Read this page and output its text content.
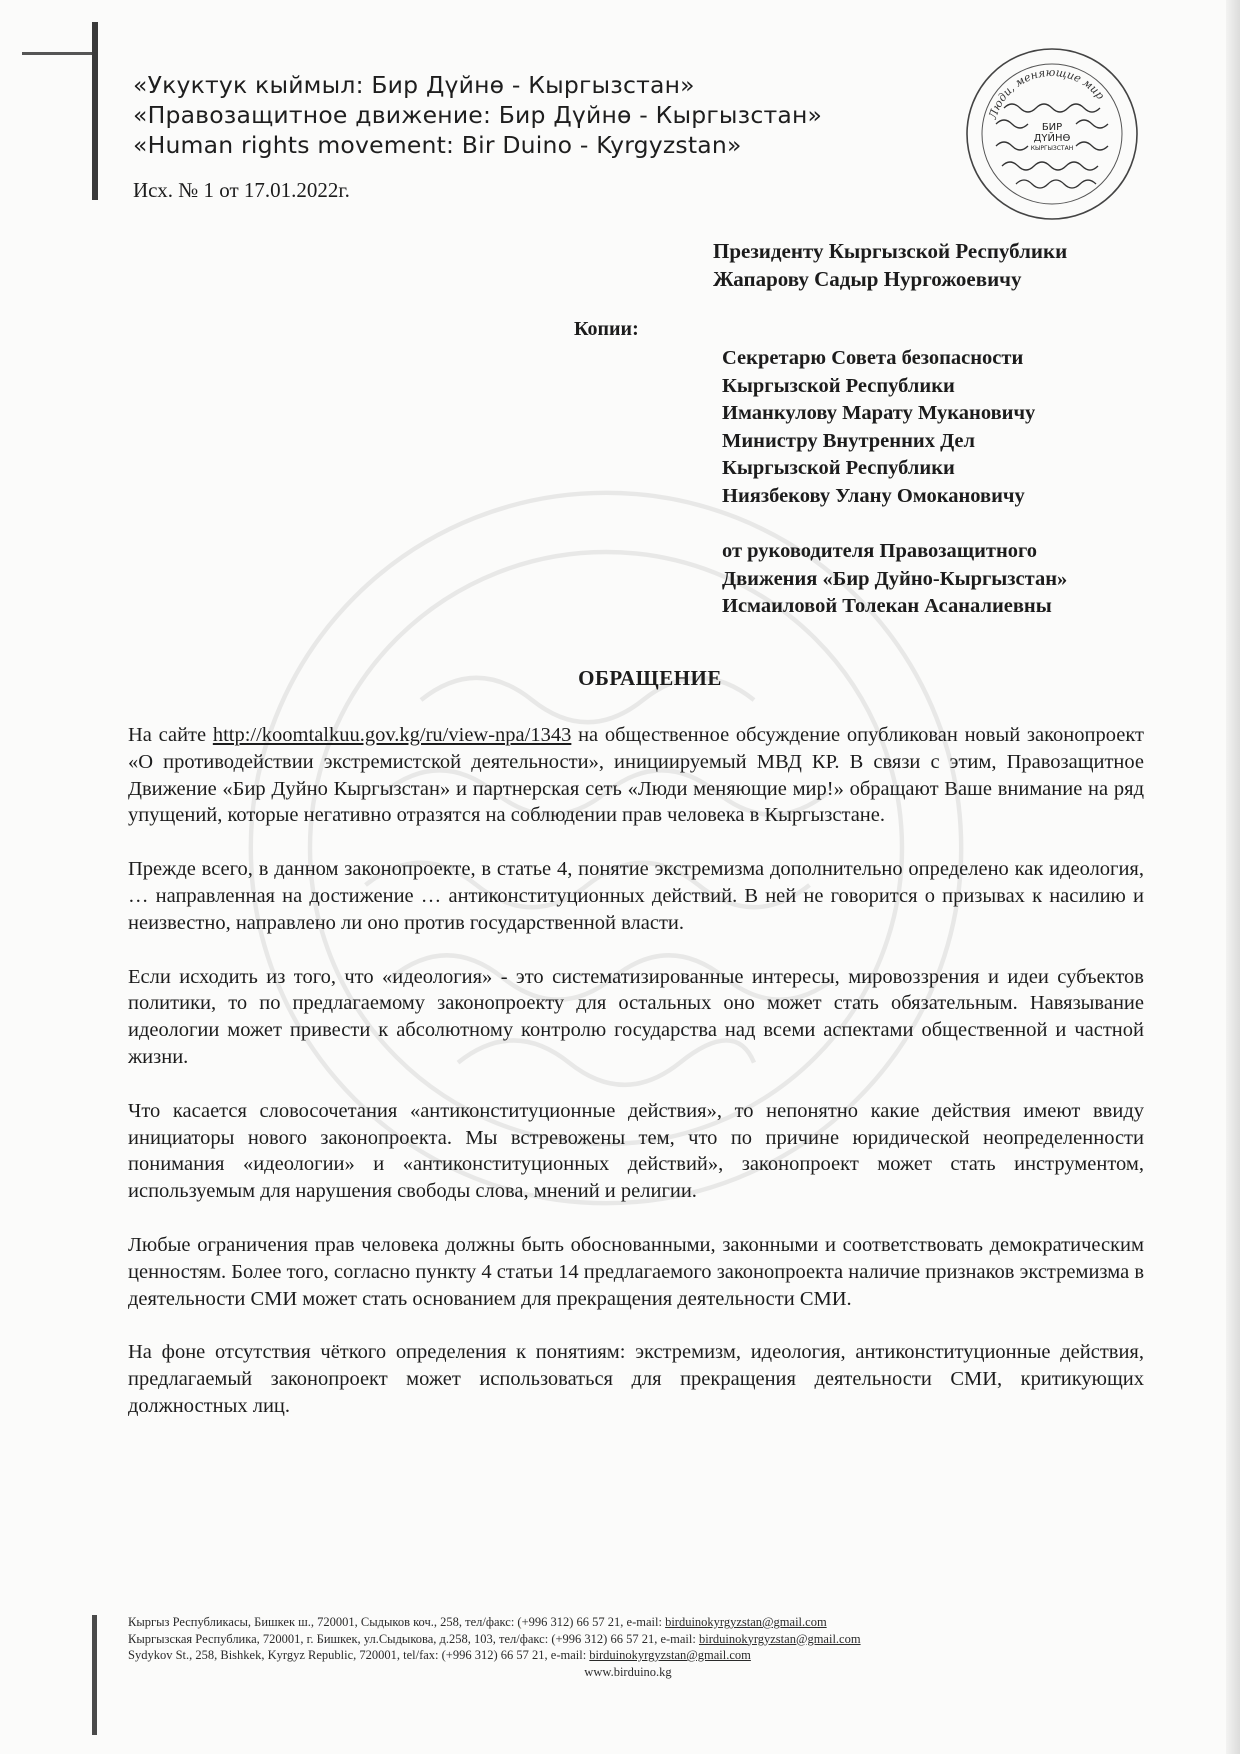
«Укуктук кыймыл: Бир Дүйнө - Кыргызстан»
«Правозащитное движение: Бир Дүйнө - Кыргызстан»
«Human rights movement: Bir Duino - Kyrgyzstan»
Исх. № 1 от 17.01.2022г.
Люди, меняющие мир
БИР
ДҮЙНӨ
КЫРГЫЗСТАН
Президенту Кыргызской Республики
Жапарову Садыр Нургожоевичу
Копии:
Секретарю Совета безопасности
Кыргызской Республики
Иманкулову Марату Мукановичу
Министру Внутренних Дел
Кыргызской Республики
Ниязбекову Улану Омокановичу
от руководителя Правозащитного
Движения «Бир Дуйно-Кыргызстан»
Исмаиловой Толекан Асаналиевны
ОБРАЩЕНИЕ

На сайте http://koomtalkuu.gov.kg/ru/view-npa/1343 на общественное обсуждение опубликован новый законопроект «О противодействии экстремистской деятельности», инициируемый МВД КР. В связи с этим, Правозащитное Движение «Бир Дуйно Кыргызстан» и партнерская сеть «Люди меняющие мир!» обращают Ваше внимание на ряд упущений, которые негативно отразятся на соблюдении прав человека в Кыргызстане.

Прежде всего, в данном законопроекте, в статье 4, понятие экстремизма дополнительно определено как идеология, … направленная на достижение … антиконституционных действий. В ней не говорится о призывах к насилию и неизвестно, направлено ли оно против государственной власти.

Если исходить из того, что «идеология» - это систематизированные интересы, мировоззрения и идеи субъектов политики, то по предлагаемому законопроекту для остальных оно может стать обязательным. Навязывание идеологии может привести к абсолютному контролю государства над всеми аспектами общественной и частной жизни.

Что касается словосочетания «антиконституционные действия», то непонятно какие действия имеют ввиду инициаторы нового законопроекта. Мы встревожены тем, что по причине юридической неопределенности понимания «идеологии» и «антиконституционных действий», законопроект может стать инструментом, используемым для нарушения свободы слова, мнений и религии.

Любые ограничения прав человека должны быть обоснованными, законными и соответствовать демократическим ценностям. Более того, согласно пункту 4 статьи 14 предлагаемого законопроекта наличие признаков экстремизма в деятельности СМИ может стать основанием для прекращения деятельности СМИ.

На фоне отсутствия чёткого определения к понятиям: экстремизм, идеология, антиконституционные действия, предлагаемый законопроект может использоваться для прекращения деятельности СМИ, критикующих должностных лиц.

Кыргыз Республикасы, Бишкек ш., 720001, Сыдыков коч., 258, тел/факс: (+996 312) 66 57 21, e-mail: birduinokyrgyzstan@gmail.com
Кыргызская Республика, 720001, г. Бишкек, ул.Сыдыкова, д.258, 103, тел/факс: (+996 312) 66 57 21, e-mail: birduinokyrgyzstan@gmail.com
Sydykov St., 258, Bishkek, Kyrgyz Republic, 720001, tel/fax: (+996 312) 66 57 21, e-mail: birduinokyrgyzstan@gmail.com
www.birduino.kg
